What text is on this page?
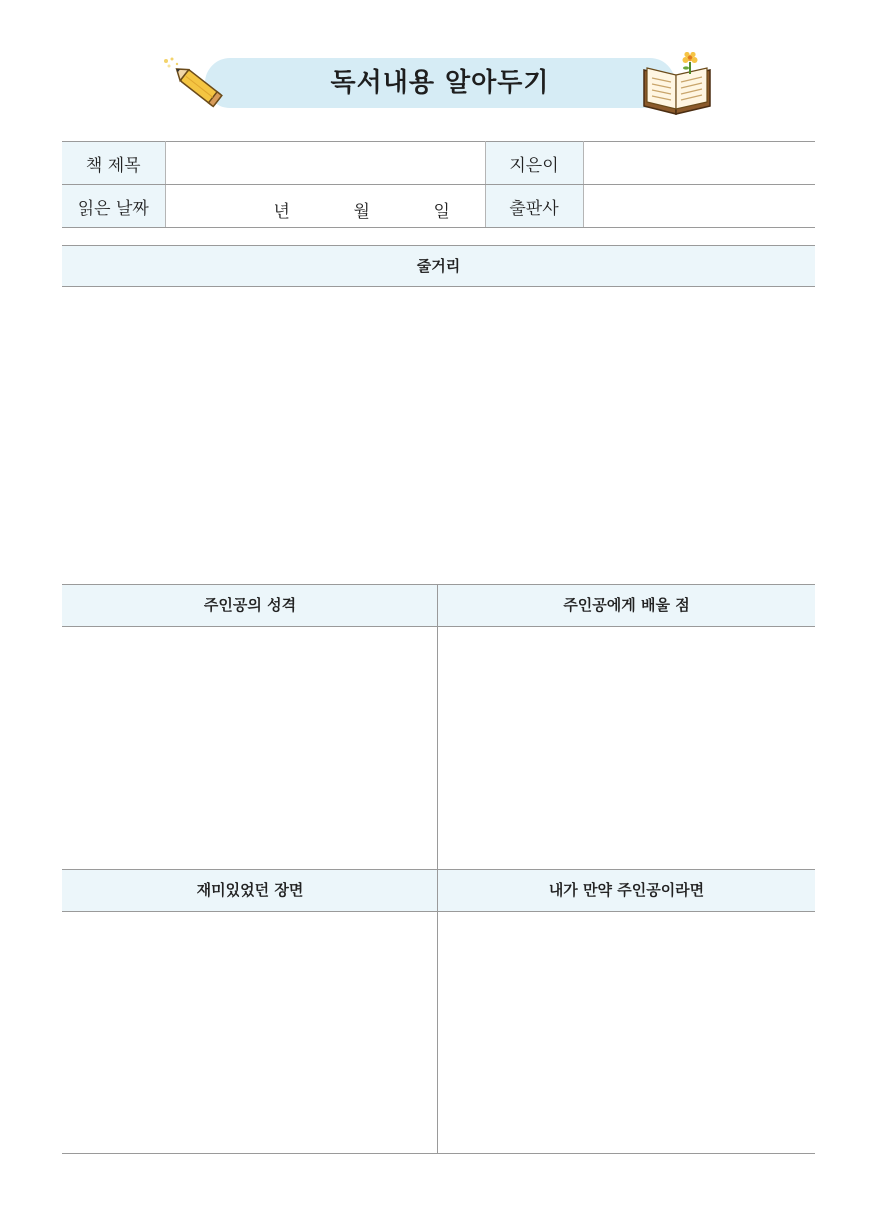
독서내용 알아두기
책 제목		지은이	
읽은 날짜	년 월 일	출판사	
줄거리
주인공의 성격	주인공에게 배울 점
재미있었던 장면	내가 만약 주인공이라면
